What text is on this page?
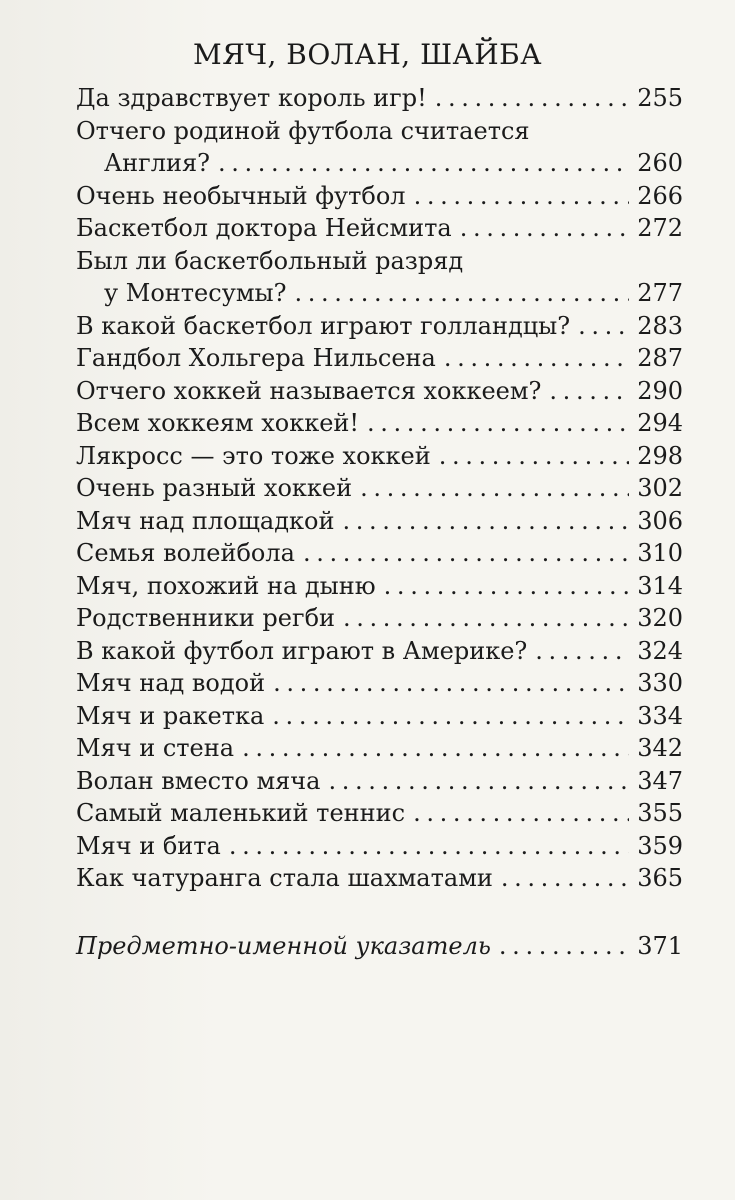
МЯЧ, ВОЛАН, ШАЙБА
Да здравствует король игр! . . .	255
Отчего родиной футбола считается
Англия? . . .	260
Очень необычный футбол . . .	266
Баскетбол доктора Нейсмита . . .	272
Был ли баскетбольный разряд
у Монтесумы? . . .	277
В какой баскетбол играют голландцы? . . .	283
Гандбол Хольгера Нильсена . . .	287
Отчего хоккей называется хоккеем? . . .	290
Всем хоккеям хоккей! . . .	294
Лякросс — это тоже хоккей . . .	298
Очень разный хоккей . . .	302
Мяч над площадкой . . .	306
Семья волейбола . . .	310
Мяч, похожий на дыню . . .	314
Родственники регби . . .	320
В какой футбол играют в Америке? . . .	324
Мяч над водой . . .	330
Мяч и ракетка . . .	334
Мяч и стена . . .	342
Волан вместо мяча . . .	347
Самый маленький теннис . . .	355
Мяч и бита . . .	359
Как чатуранга стала шахматами . . .	365
Предметно-именной указатель . . .	371
